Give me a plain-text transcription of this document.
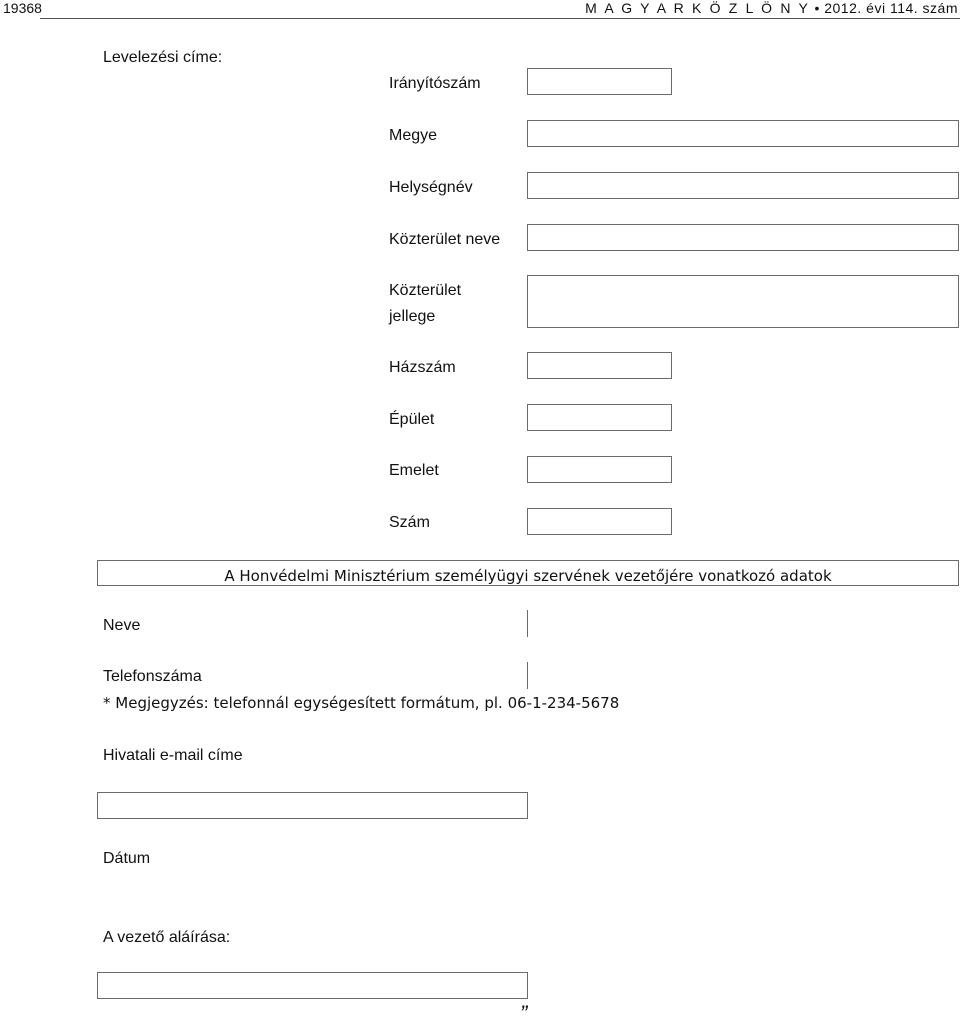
19368	M A G Y A R K Ö Z L Ö N Y • 2012. évi 114. szám
Levelezési címe:
Irányítószám
Megye
Helységnév
Közterület neve
Közterület
jellege
Házszám
Épület
Emelet
Szám
A Honvédelmi Minisztérium személyügyi szervének vezetőjére vonatkozó adatok
Neve
Telefonszáma
* Megjegyzés: telefonnál egységesített formátum, pl. 06-1-234-5678
Hivatali e-mail címe
Dátum
A vezető aláírása:
”
